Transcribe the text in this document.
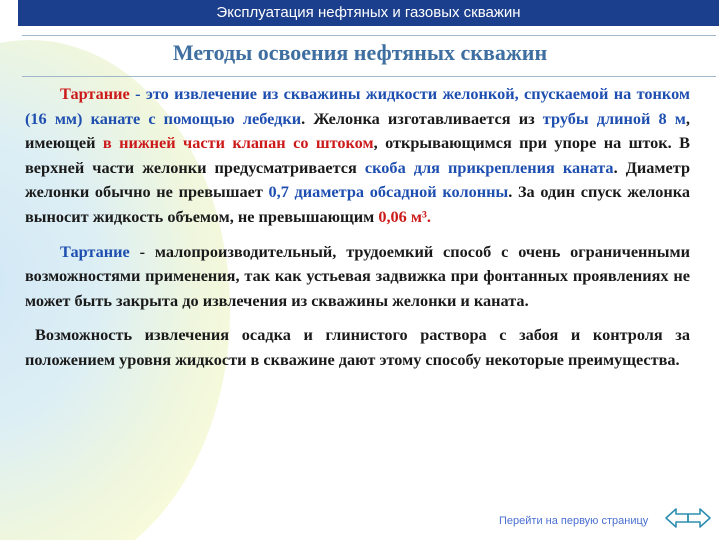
Эксплуатация нефтяных и газовых скважин
Методы освоения нефтяных скважин

Тартание - это извлечение из скважины жидкости желонкой, спускаемой на тонком (16 мм) канате с помощью лебедки. Желонка изготавливается из трубы длиной 8 м, имеющей в нижней части клапан со штоком, открывающимся при упоре на шток. В верхней части желонки предусматривается скоба для прикрепления каната. Диаметр желонки обычно не превышает 0,7 диаметра обсадной колонны. За один спуск желонка выносит жидкость объемом, не превышающим 0,06 м³.

Тартание - малопроизводительный, трудоемкий способ с очень ограниченными возможностями применения, так как устьевая задвижка при фонтанных проявлениях не может быть закрыта до извлечения из скважины желонки и каната.

Возможность извлечения осадка и глинистого раствора с забоя и контроля за положением уровня жидкости в скважине дают этому способу некоторые преимущества.

Перейти на первую страницу
